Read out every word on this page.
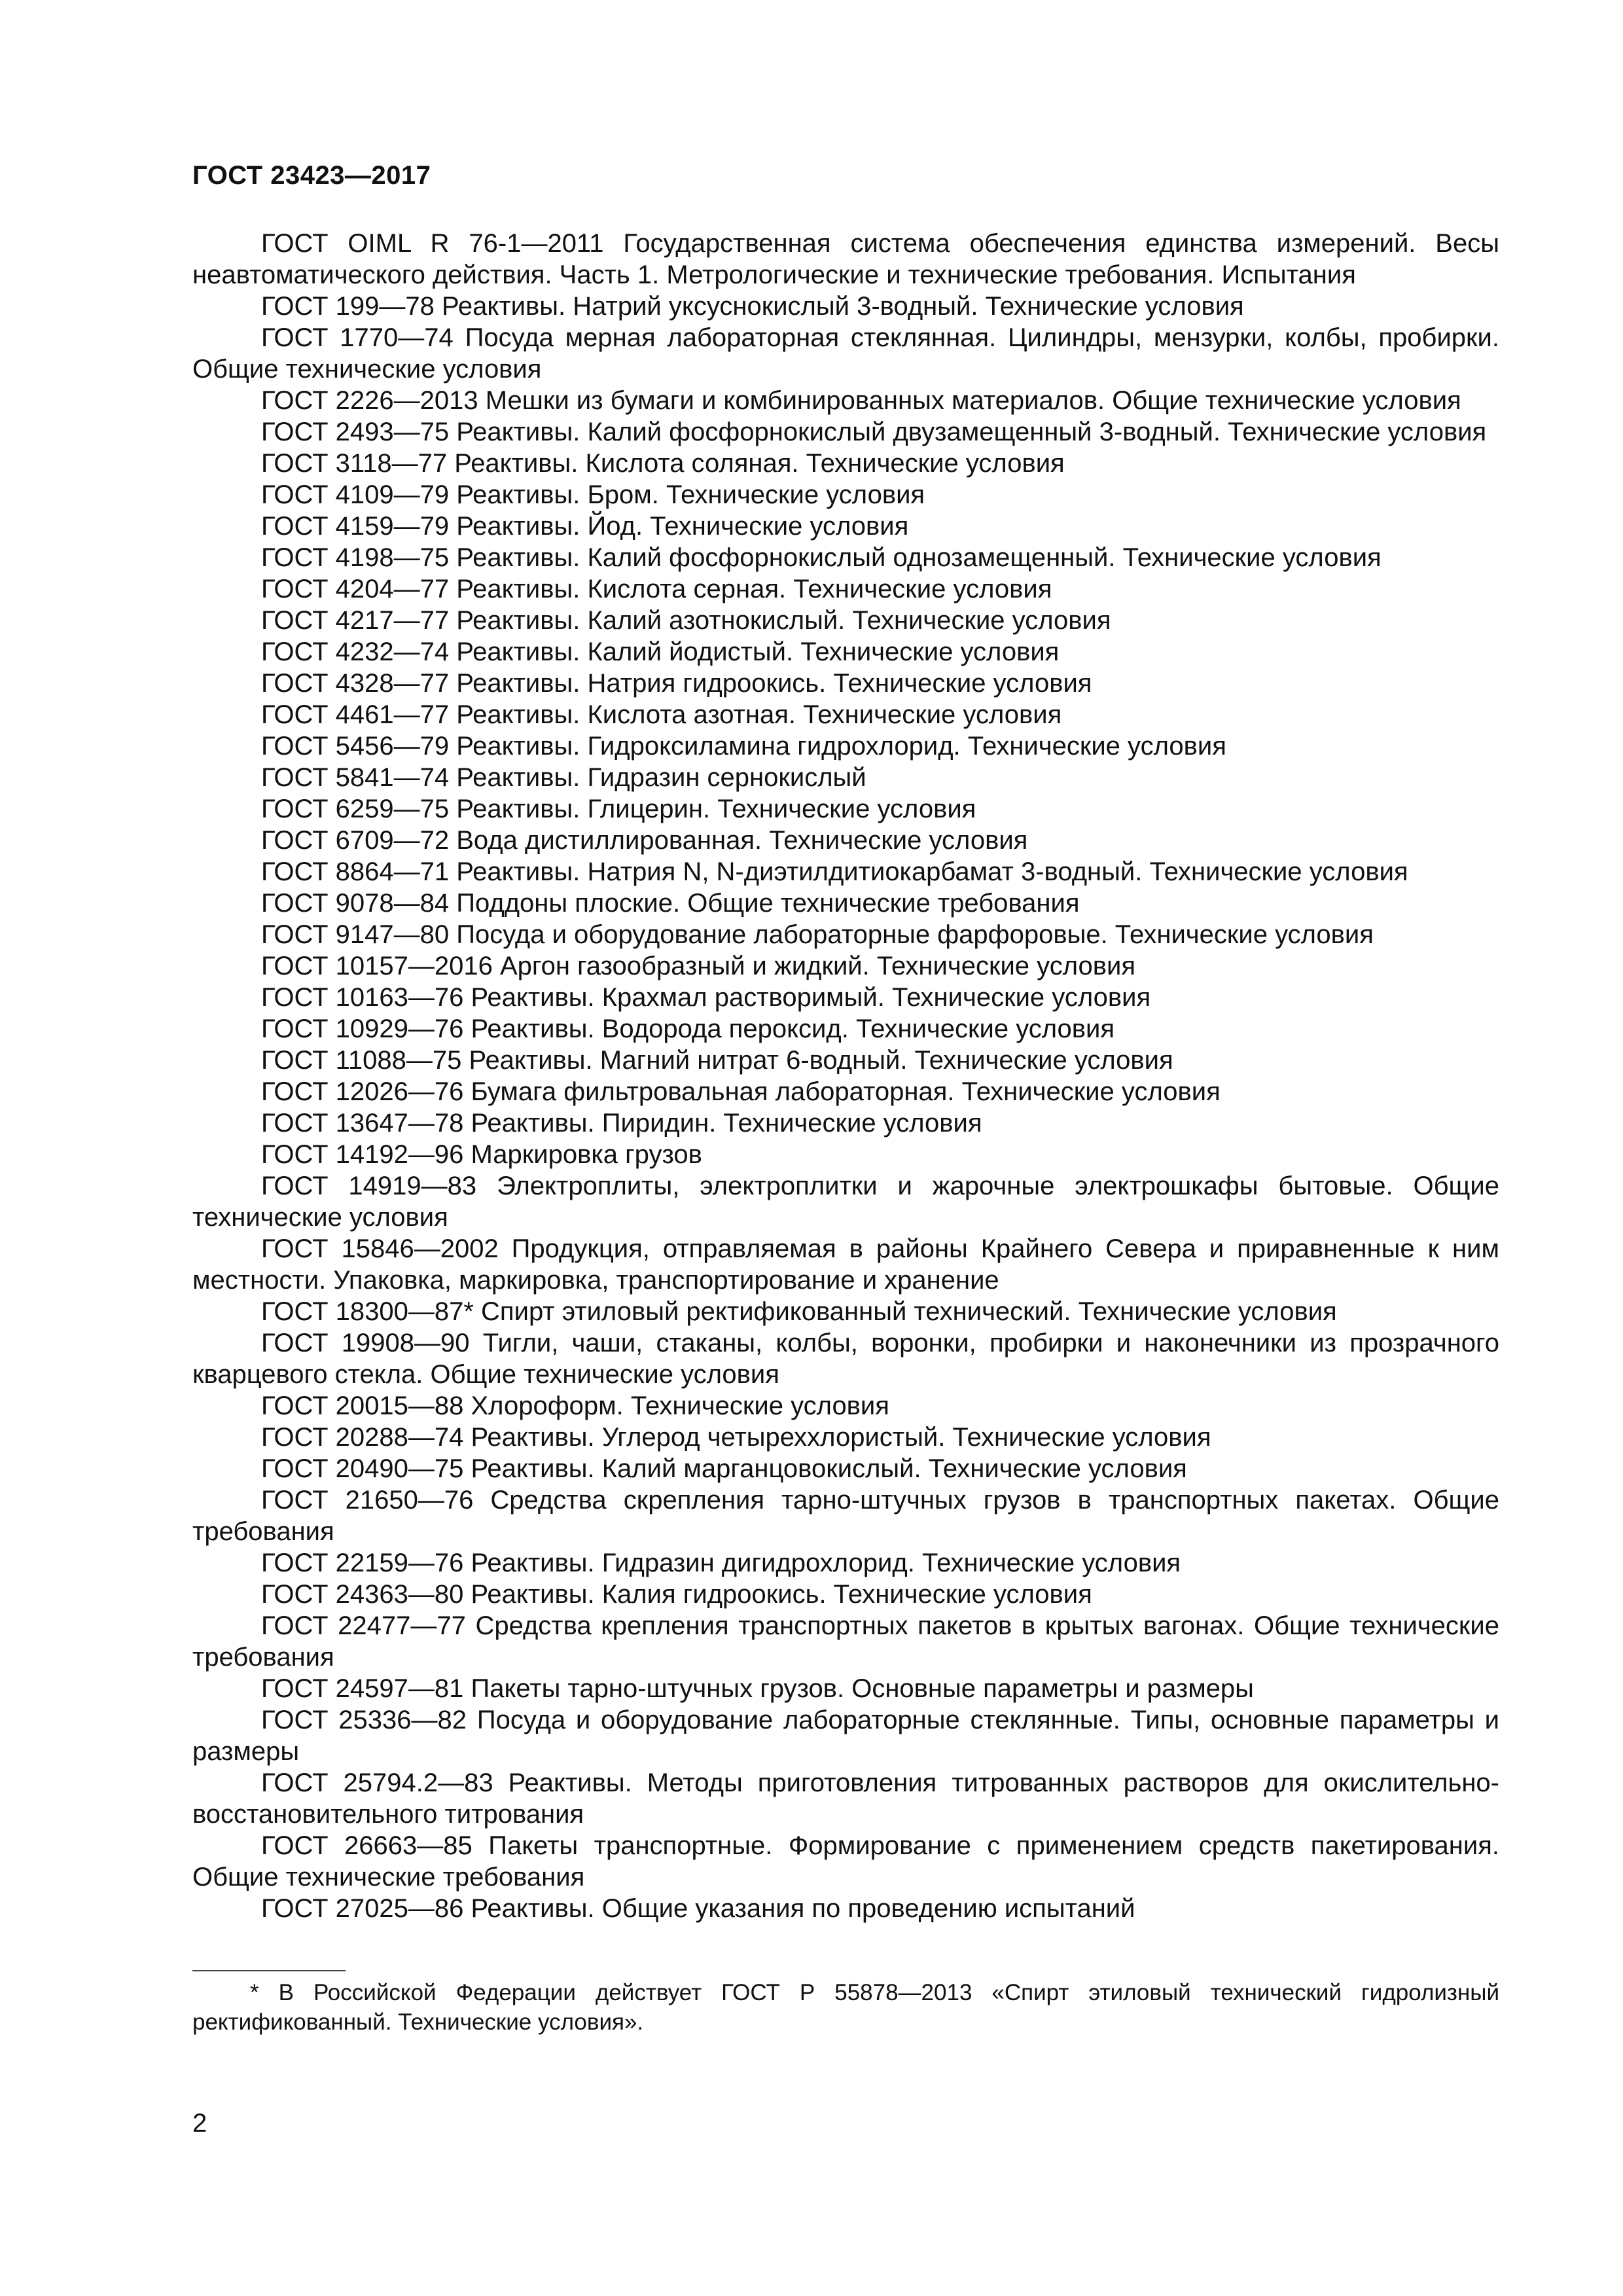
ГОСТ 23423—2017

ГОСТ OIML R 76-1—2011 Государственная система обеспечения единства измерений. Весы неавтоматического действия. Часть 1. Метрологические и технические требования. Испытания

ГОСТ 199—78 Реактивы. Натрий уксуснокислый 3-водный. Технические условия

ГОСТ 1770—74 Посуда мерная лабораторная стеклянная. Цилиндры, мензурки, колбы, пробирки. Общие технические условия

ГОСТ 2226—2013 Мешки из бумаги и комбинированных материалов. Общие технические условия

ГОСТ 2493—75 Реактивы. Калий фосфорнокислый двузамещенный 3-водный. Технические условия

ГОСТ 3118—77 Реактивы. Кислота соляная. Технические условия

ГОСТ 4109—79 Реактивы. Бром. Технические условия

ГОСТ 4159—79 Реактивы. Йод. Технические условия

ГОСТ 4198—75 Реактивы. Калий фосфорнокислый однозамещенный. Технические условия

ГОСТ 4204—77 Реактивы. Кислота серная. Технические условия

ГОСТ 4217—77 Реактивы. Калий азотнокислый. Технические условия

ГОСТ 4232—74 Реактивы. Калий йодистый. Технические условия

ГОСТ 4328—77 Реактивы. Натрия гидроокись. Технические условия

ГОСТ 4461—77 Реактивы. Кислота азотная. Технические условия

ГОСТ 5456—79 Реактивы. Гидроксиламина гидрохлорид. Технические условия

ГОСТ 5841—74 Реактивы. Гидразин сернокислый

ГОСТ 6259—75 Реактивы. Глицерин. Технические условия

ГОСТ 6709—72 Вода дистиллированная. Технические условия

ГОСТ 8864—71 Реактивы. Натрия N, N-диэтилдитиокарбамат 3-водный. Технические условия

ГОСТ 9078—84 Поддоны плоские. Общие технические требования

ГОСТ 9147—80 Посуда и оборудование лабораторные фарфоровые. Технические условия

ГОСТ 10157—2016 Аргон газообразный и жидкий. Технические условия

ГОСТ 10163—76 Реактивы. Крахмал растворимый. Технические условия

ГОСТ 10929—76 Реактивы. Водорода пероксид. Технические условия

ГОСТ 11088—75 Реактивы. Магний нитрат 6-водный. Технические условия

ГОСТ 12026—76 Бумага фильтровальная лабораторная. Технические условия

ГОСТ 13647—78 Реактивы. Пиридин. Технические условия

ГОСТ 14192—96 Маркировка грузов

ГОСТ 14919—83 Электроплиты, электроплитки и жарочные электрошкафы бытовые. Общие технические условия

ГОСТ 15846—2002 Продукция, отправляемая в районы Крайнего Севера и приравненные к ним местности. Упаковка, маркировка, транспортирование и хранение

ГОСТ 18300—87* Спирт этиловый ректификованный технический. Технические условия

ГОСТ 19908—90 Тигли, чаши, стаканы, колбы, воронки, пробирки и наконечники из прозрачного кварцевого стекла. Общие технические условия

ГОСТ 20015—88 Хлороформ. Технические условия

ГОСТ 20288—74 Реактивы. Углерод четыреххлористый. Технические условия

ГОСТ 20490—75 Реактивы. Калий марганцовокислый. Технические условия

ГОСТ 21650—76 Средства скрепления тарно-штучных грузов в транспортных пакетах. Общие требования

ГОСТ 22159—76 Реактивы. Гидразин дигидрохлорид. Технические условия

ГОСТ 24363—80 Реактивы. Калия гидроокись. Технические условия

ГОСТ 22477—77 Средства крепления транспортных пакетов в крытых вагонах. Общие технические требования

ГОСТ 24597—81 Пакеты тарно-штучных грузов. Основные параметры и размеры

ГОСТ 25336—82 Посуда и оборудование лабораторные стеклянные. Типы, основные параметры и размеры

ГОСТ 25794.2—83 Реактивы. Методы приготовления титрованных растворов для окислительно-восстановительного титрования

ГОСТ 26663—85 Пакеты транспортные. Формирование с применением средств пакетирования. Общие технические требования

ГОСТ 27025—86 Реактивы. Общие указания по проведению испытаний

* В Российской Федерации действует ГОСТ Р 55878—2013 «Спирт этиловый технический гидролизный ректификованный. Технические условия».

2
